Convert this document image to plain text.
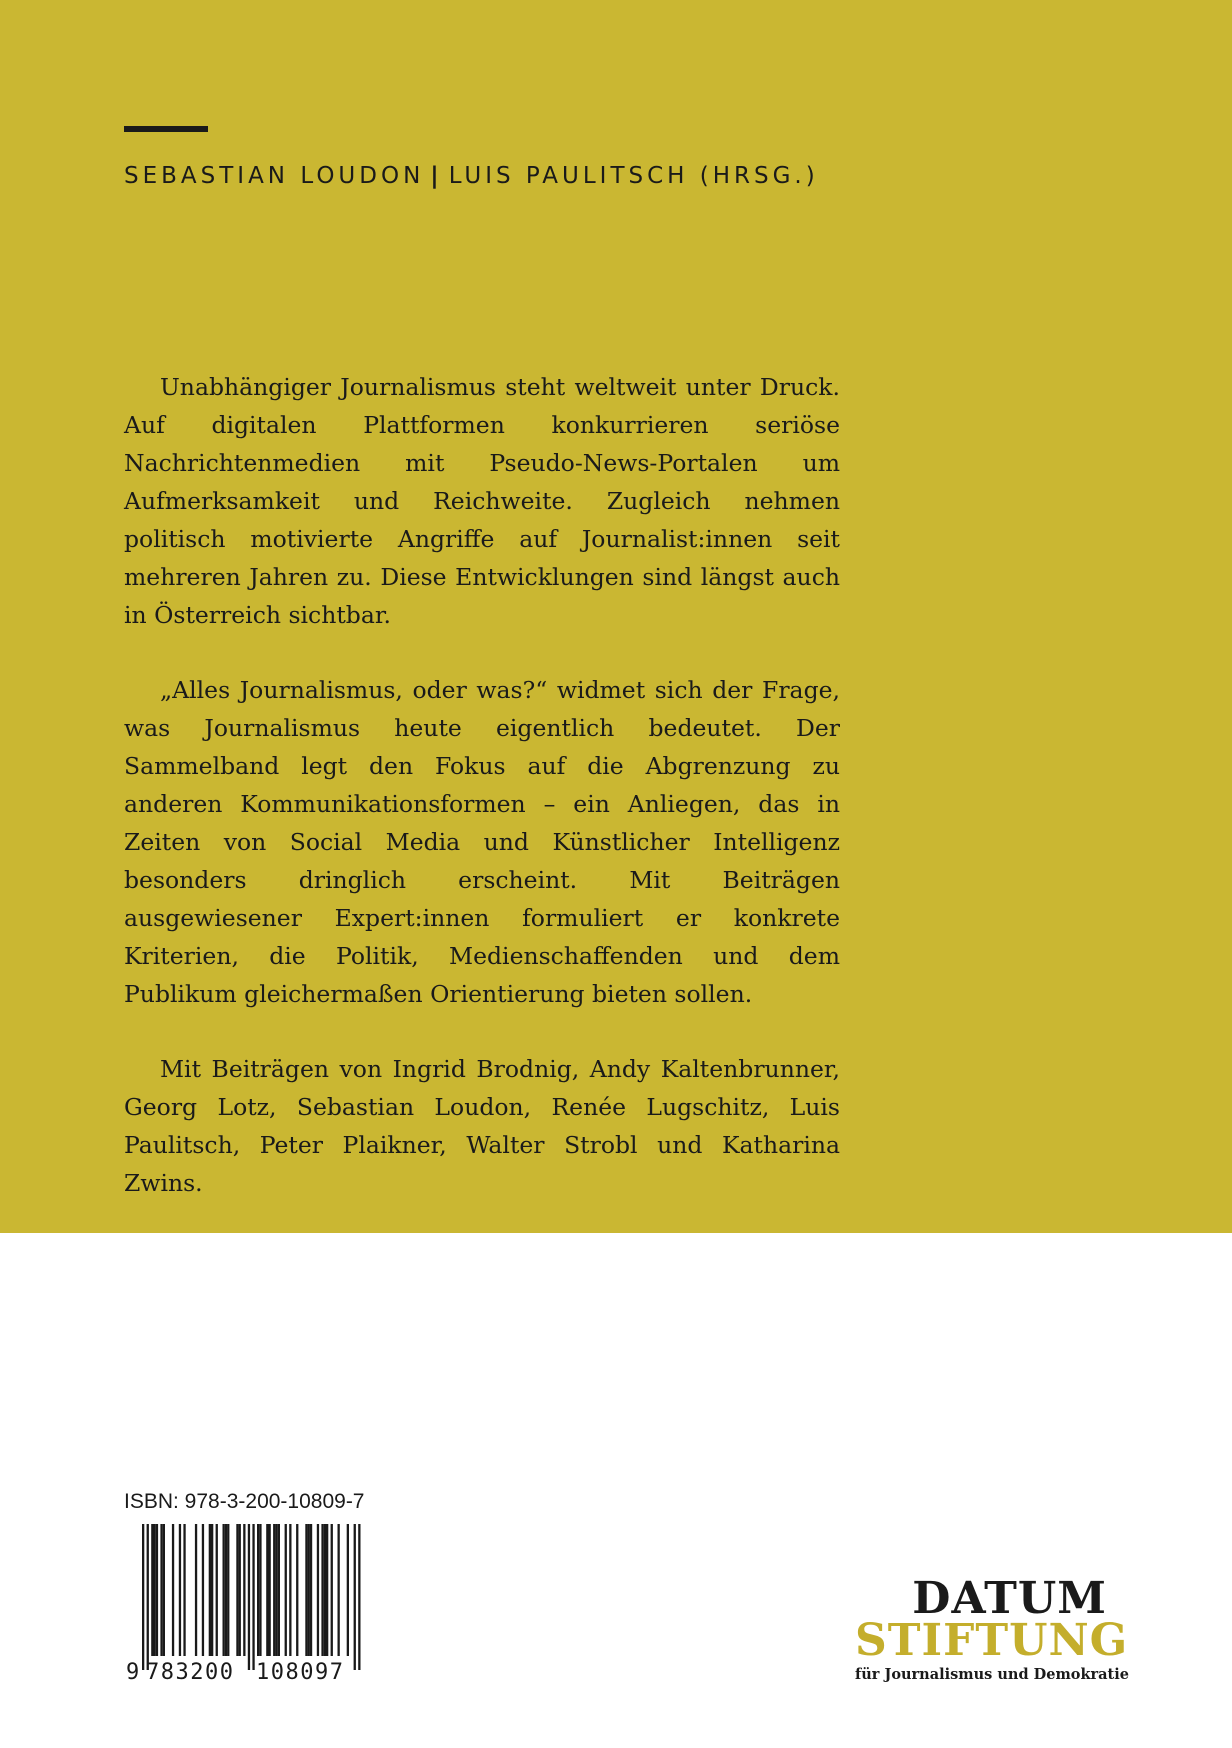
SEBASTIAN LOUDON | LUIS PAULITSCH (HRSG.)

Unabhängiger Journalismus steht weltweit unter Druck. Auf digitalen Plattformen konkurrieren seriöse Nachrichtenmedien mit Pseudo-News-Portalen um Aufmerksamkeit und Reichweite. Zugleich nehmen politisch motivierte Angriffe auf Journalist:innen seit mehreren Jahren zu. Diese Entwicklungen sind längst auch in Österreich sichtbar.

„Alles Journalismus, oder was?“ widmet sich der Frage, was Journalismus heute eigentlich bedeutet. Der Sammelband legt den Fokus auf die Abgrenzung zu anderen Kommunikationsformen – ein Anliegen, das in Zeiten von Social Media und Künstlicher Intelligenz besonders dringlich erscheint. Mit Beiträgen ausgewiesener Expert:innen formuliert er konkrete Kriterien, die Politik, Medienschaffenden und dem Publikum gleichermaßen Orientierung bieten sollen.

Mit Beiträgen von Ingrid Brodnig, Andy Kaltenbrunner, Georg Lotz, Sebastian Loudon, Renée Lugschitz, Luis Paulitsch, Peter Plaikner, Walter Strobl und Katharina Zwins.

ISBN: 978-3-200-10809-7
9 783200 108097
DATUM
STIFTUNG
für Journalismus und Demokratie
